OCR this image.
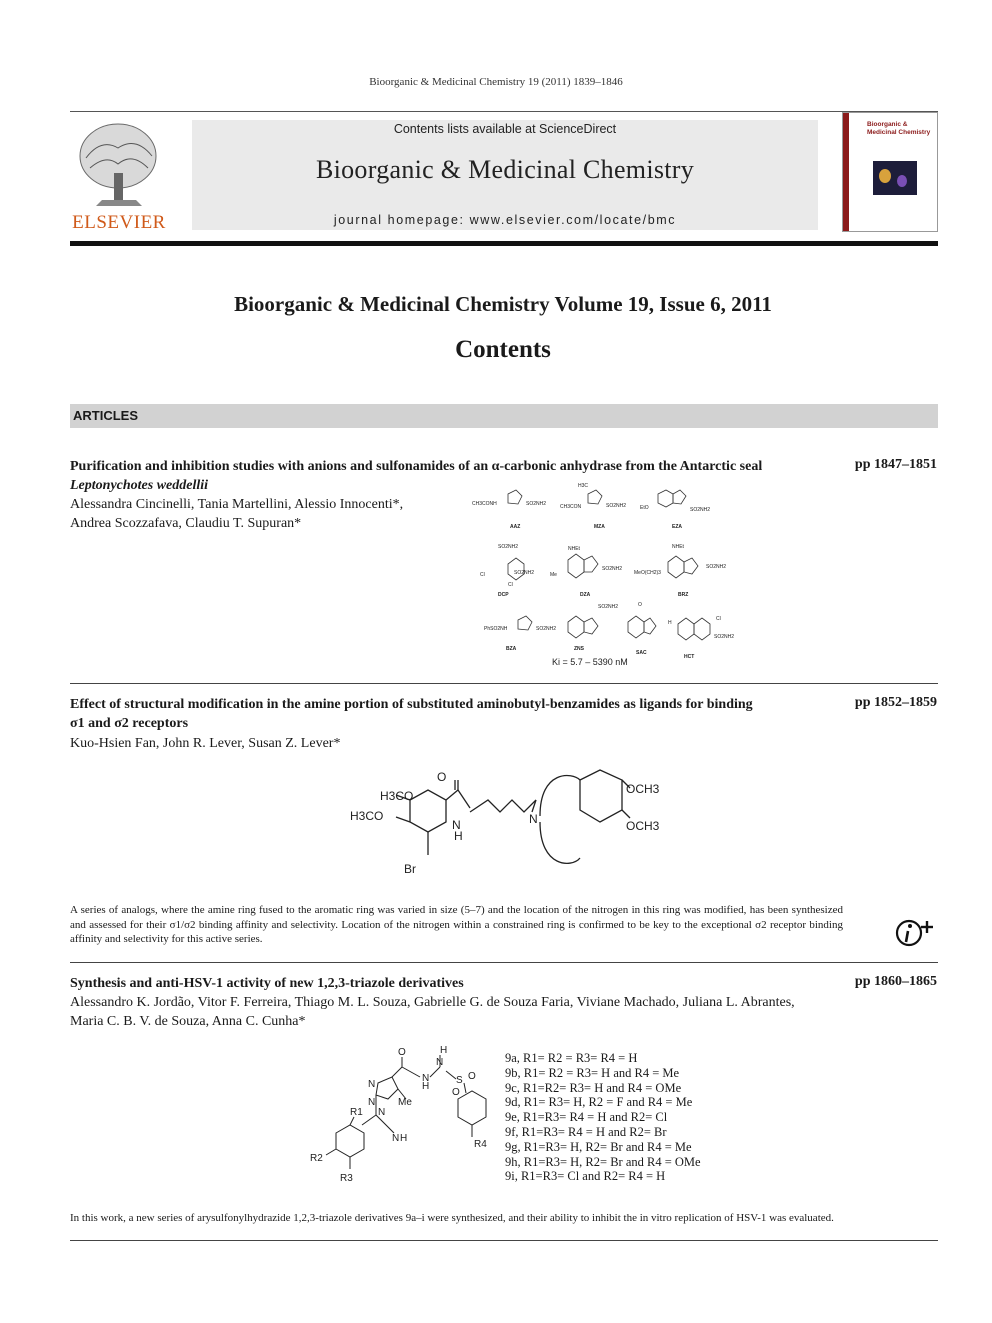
Bioorganic & Medicinal Chemistry 19 (2011) 1839–1846
ELSEVIER
Contents lists available at ScienceDirect
Bioorganic & Medicinal Chemistry
journal homepage: www.elsevier.com/locate/bmc
Bioorganic & Medicinal Chemistry
Bioorganic & Medicinal Chemistry Volume 19, Issue 6, 2011
Contents
ARTICLES
Purification and inhibition studies with anions and sulfonamides of an α-carbonic anhydrase from the Antarctic seal
Leptonychotes weddellii
pp 1847–1851
Alessandra Cincinelli, Tania Martellini, Alessio Innocenti*,
Andrea Scozzafava, Claudiu T. Supuran*
CH3CONH	SO2NH2	CH3CON
H3C
SO2NH2	EtO	SO2NH2
SO2NH2
Cl	SO2NH2
Cl
NHEt
SO2NH2
Me
NHEt
MeO(CH2)3
SO2NH2
PhSO2NH	SO2NH2
SO2NH2	O
H
Cl
SO2NH2
AAZ	MZA	EZA
DCP	DZA	BRZ
BZA	ZNS
SAC
HCT
Ki = 5.7 – 5390 nM
Effect of structural modification in the amine portion of substituted aminobutyl-benzamides as ligands for binding
σ1 and σ2 receptors
pp 1852–1859
Kuo-Hsien Fan, John R. Lever, Susan Z. Lever*
H3CO
H3CO
Br
O
N
H
N
OCH3
OCH3
A series of analogs, where the amine ring fused to the aromatic ring was varied in size (5–7) and the location of the nitrogen in this ring was modified, has been synthesized and assessed for their σ1/σ2 binding affinity and selectivity. Location of the nitrogen within a constrained ring is confirmed to be key to the exceptional σ2 receptor binding affinity and selectivity for this active series.
Synthesis and anti-HSV-1 activity of new 1,2,3-triazole derivatives	pp 1860–1865
Alessandro K. Jordão, Vitor F. Ferreira, Thiago M. L. Souza, Gabrielle G. de Souza Faria, Viviane Machado, Juliana L. Abrantes,
Maria C. B. V. de Souza, Anna C. Cunha*
O	H
N
N
H
S O
O
N
N
N
Me
N H
R1
R2
R3
R4
9a, R1= R2 = R3= R4 = H
9b, R1= R2 = R3= H and R4 = Me
9c, R1=R2= R3= H and R4 = OMe
9d, R1= R3= H, R2 = F and R4 = Me
9e, R1=R3= R4 = H and R2= Cl
9f, R1=R3= R4 = H and R2= Br
9g, R1=R3= H, R2= Br and R4 = Me
9h, R1=R3= H, R2= Br and R4 = OMe
9i, R1=R3= Cl and R2= R4 = H
In this work, a new series of arysulfonylhydrazide 1,2,3-triazole derivatives 9a–i were synthesized, and their ability to inhibit the in vitro replication of HSV-1 was evaluated.
